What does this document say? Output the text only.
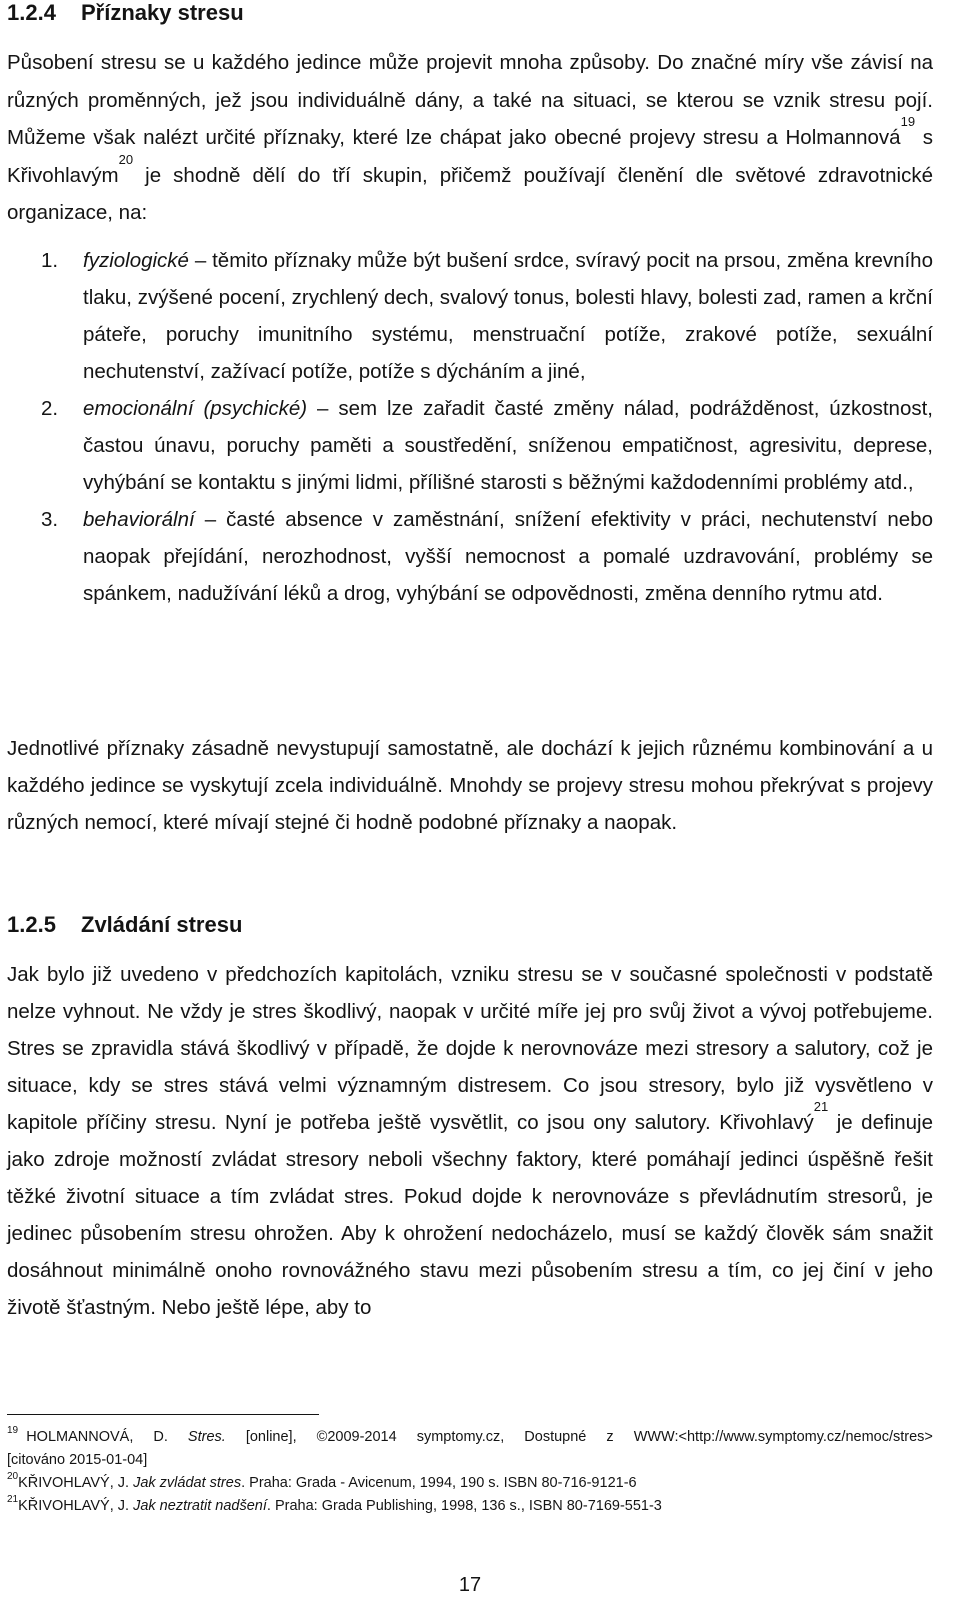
1.2.4 Příznaky stresu

Působení stresu se u každého jedince může projevit mnoha způsoby. Do značné míry vše závisí na různých proměnných, jež jsou individuálně dány, a také na situaci, se kterou se vznik stresu pojí. Můžeme však nalézt určité příznaky, které lze chápat jako obecné projevy stresu a Holmannová$^{19}$ s Křivohlavým$^{20}$ je shodně dělí do tří skupin, přičemž používají členění dle světové zdravotnické organizace, na:

1. fyziologické – těmito příznaky může být bušení srdce, svíravý pocit na prsou, změna krevního tlaku, zvýšené pocení, zrychlený dech, svalový tonus, bolesti hlavy, bolesti zad, ramen a krční páteře, poruchy imunitního systému, menstruační potíže, zrakové potíže, sexuální nechutenství, zažívací potíže, potíže s dýcháním a jiné,
2. emocionální (psychické) – sem lze zařadit časté změny nálad, podrážděnost, úzkostnost, častou únavu, poruchy paměti a soustředění, sníženou empatičnost, agresivitu, deprese, vyhýbání se kontaktu s jinými lidmi, přílišné starosti s běžnými každodenními problémy atd.,
3. behaviorální – časté absence v zaměstnání, snížení efektivity v práci, nechutenství nebo naopak přejídání, nerozhodnost, vyšší nemocnost a pomalé uzdravování, problémy se spánkem, nadužívání léků a drog, vyhýbání se odpovědnosti, změna denního rytmu atd.

Jednotlivé příznaky zásadně nevystupují samostatně, ale dochází k jejich různému kombinování a u každého jedince se vyskytují zcela individuálně. Mnohdy se projevy stresu mohou překrývat s projevy různých nemocí, které mívají stejné či hodně podobné příznaky a naopak.

1.2.5 Zvládání stresu

Jak bylo již uvedeno v předchozích kapitolách, vzniku stresu se v současné společnosti v podstatě nelze vyhnout. Ne vždy je stres škodlivý, naopak v určité míře jej pro svůj život a vývoj potřebujeme. Stres se zpravidla stává škodlivý v případě, že dojde k nerovnováze mezi stresory a salutory, což je situace, kdy se stres stává velmi významným distresem. Co jsou stresory, bylo již vysvětleno v kapitole příčiny stresu. Nyní je potřeba ještě vysvětlit, co jsou ony salutory. Křivohlavý$^{21}$ je definuje jako zdroje možností zvládat stresory neboli všechny faktory, které pomáhají jedinci úspěšně řešit těžké životní situace a tím zvládat stres. Pokud dojde k nerovnováze s převládnutím stresorů, je jedinec působením stresu ohrožen. Aby k ohrožení nedocházelo, musí se každý člověk sám snažit dosáhnout minimálně onoho rovnovážného stavu mezi působením stresu a tím, co jej činí v jeho životě šťastným. Nebo ještě lépe, aby to

$^{19}$ HOLMANNOVÁ, D. Stres. [online], ©2009-2014 symptomy.cz, Dostupné z WWW:<http://www.symptomy.cz/nemoc/stres>
[citováno 2015-01-04]
$^{20}$KŘIVOHLAVÝ, J. Jak zvládat stres. Praha: Grada - Avicenum, 1994, 190 s. ISBN 80-716-9121-6
$^{21}$KŘIVOHLAVÝ, J. Jak neztratit nadšení. Praha: Grada Publishing, 1998, 136 s., ISBN 80-7169-551-3
17
